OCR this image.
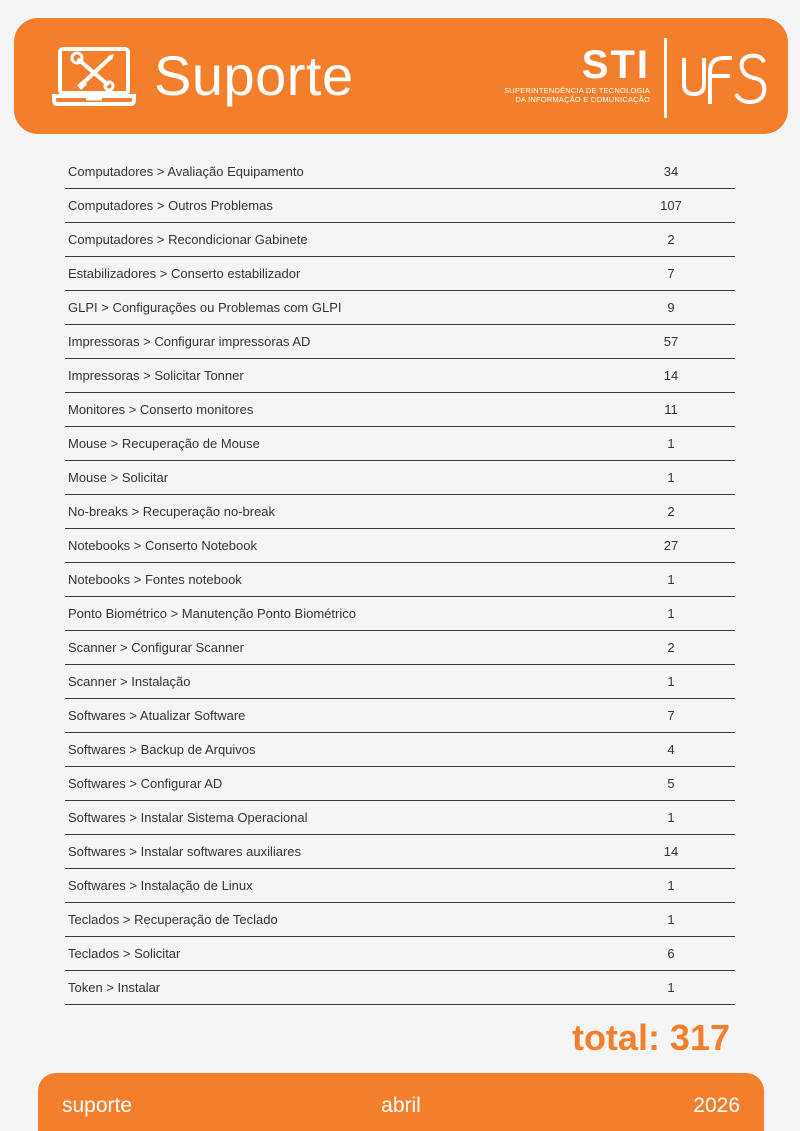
Suporte	STI
SUPERINTENDÊNCIA DE TECNOLOGIA
DA INFORMAÇÃO E COMUNICAÇÃO
Computadores > Avaliação Equipamento	34
Computadores > Outros Problemas	107
Computadores > Recondicionar Gabinete	2
Estabilizadores > Conserto estabilizador	7
GLPI > Configurações ou Problemas com GLPI	9
Impressoras > Configurar impressoras AD	57
Impressoras > Solicitar Tonner	14
Monitores > Conserto monitores	11
Mouse > Recuperação de Mouse	1
Mouse > Solicitar	1
No-breaks > Recuperação no-break	2
Notebooks > Conserto Notebook	27
Notebooks > Fontes notebook	1
Ponto Biométrico > Manutenção Ponto Biométrico	1
Scanner > Configurar Scanner	2
Scanner > Instalação	1
Softwares > Atualizar Software	7
Softwares > Backup de Arquivos	4
Softwares > Configurar AD	5
Softwares > Instalar Sistema Operacional	1
Softwares > Instalar softwares auxiliares	14
Softwares > Instalação de Linux	1
Teclados > Recuperação de Teclado	1
Teclados > Solicitar	6
Token > Instalar	1
total: 317
suporte	abril	2026
